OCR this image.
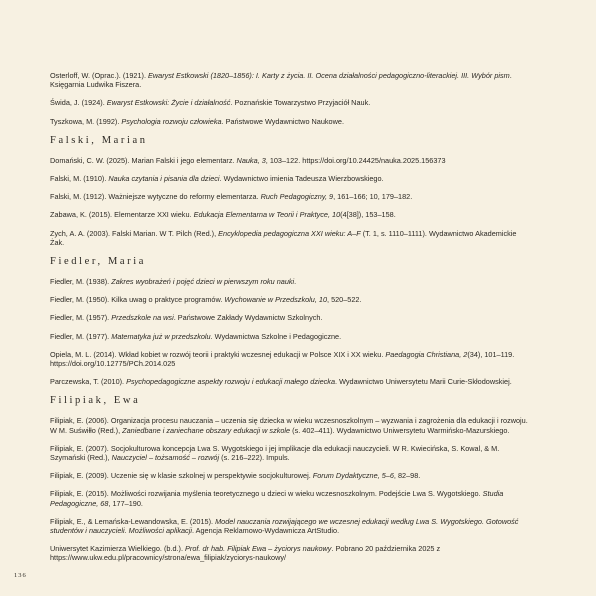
Osterloff, W. (Oprac.). (1921). Ewaryst Estkowski (1820–1856): I. Karty z życia. II. Ocena działalności pedagogiczno-literackiej. III. Wybór pism. Księgarnia Ludwika Fiszera.
Świda, J. (1924). Ewaryst Estkowski: Życie i działalność. Poznańskie Towarzystwo Przyjaciół Nauk.
Tyszkowa, M. (1992). Psychologia rozwoju człowieka. Państwowe Wydawnictwo Naukowe.
Falski, Marian
Domański, C. W. (2025). Marian Falski i jego elementarz. Nauka, 3, 103–122. https://doi.org/10.24425/nauka.2025.156373
Falski, M. (1910). Nauka czytania i pisania dla dzieci. Wydawnictwo imienia Tadeusza Wierzbowskiego.
Falski, M. (1912). Ważniejsze wytyczne do reformy elementarza. Ruch Pedagogiczny, 9, 161–166; 10, 179–182.
Zabawa, K. (2015). Elementarze XXI wieku. Edukacja Elementarna w Teorii i Praktyce, 10(4[38]), 153–158.
Zych, A. A. (2003). Falski Marian. W T. Pilch (Red.), Encyklopedia pedagogiczna XXI wieku: A–F (T. 1, s. 1110–1111). Wydawnictwo Akademickie Żak.
Fiedler, Maria
Fiedler, M. (1938). Zakres wyobrażeń i pojęć dzieci w pierwszym roku nauki.
Fiedler, M. (1950). Kilka uwag o praktyce programów. Wychowanie w Przedszkolu, 10, 520–522.
Fiedler, M. (1957). Przedszkole na wsi. Państwowe Zakłady Wydawnictw Szkolnych.
Fiedler, M. (1977). Matematyka już w przedszkolu. Wydawnictwa Szkolne i Pedagogiczne.
Opiela, M. L. (2014). Wkład kobiet w rozwój teorii i praktyki wczesnej edukacji w Polsce XIX i XX wieku. Paedagogia Christiana, 2(34), 101–119. https://doi.org/10.12775/PCh.2014.025
Parczewska, T. (2010). Psychopedagogiczne aspekty rozwoju i edukacji małego dziecka. Wydawnictwo Uniwersytetu Marii Curie-Skłodowskiej.
Filipiak, Ewa
Filipiak, E. (2006). Organizacja procesu nauczania – uczenia się dziecka w wieku wczesnoszkolnym – wyzwania i zagrożenia dla edukacji i rozwoju. W M. Suświłło (Red.), Zaniedbane i zaniechane obszary edukacji w szkole (s. 402–411). Wydawnictwo Uniwersytetu Warmińsko-Mazurskiego.
Filipiak, E. (2007). Socjokulturowa koncepcja Lwa S. Wygotskiego i jej implikacje dla edukacji nauczycieli. W R. Kwiecińska, S. Kowal, & M. Szymański (Red.), Nauczyciel – tożsamość – rozwój (s. 216–222). Impuls.
Filipiak, E. (2009). Uczenie się w klasie szkolnej w perspektywie socjokulturowej. Forum Dydaktyczne, 5–6, 82–98.
Filipiak, E. (2015). Możliwości rozwijania myślenia teoretycznego u dzieci w wieku wczesnoszkolnym. Podejście Lwa S. Wygotskiego. Studia Pedagogiczne, 68, 177–190.
Filipiak, E., & Lemańska-Lewandowska, E. (2015). Model nauczania rozwijającego we wczesnej edukacji według Lwa S. Wygotskiego. Gotowość studentów i nauczycieli. Możliwości aplikacji. Agencja Reklamowo-Wydawnicza ArtStudio.
Uniwersytet Kazimierza Wielkiego. (b.d.). Prof. dr hab. Filipiak Ewa – życiorys naukowy. Pobrano 20 października 2025 z https://www.ukw.edu.pl/pracownicy/strona/ewa_filipiak/zyciorys-naukowy/
136
